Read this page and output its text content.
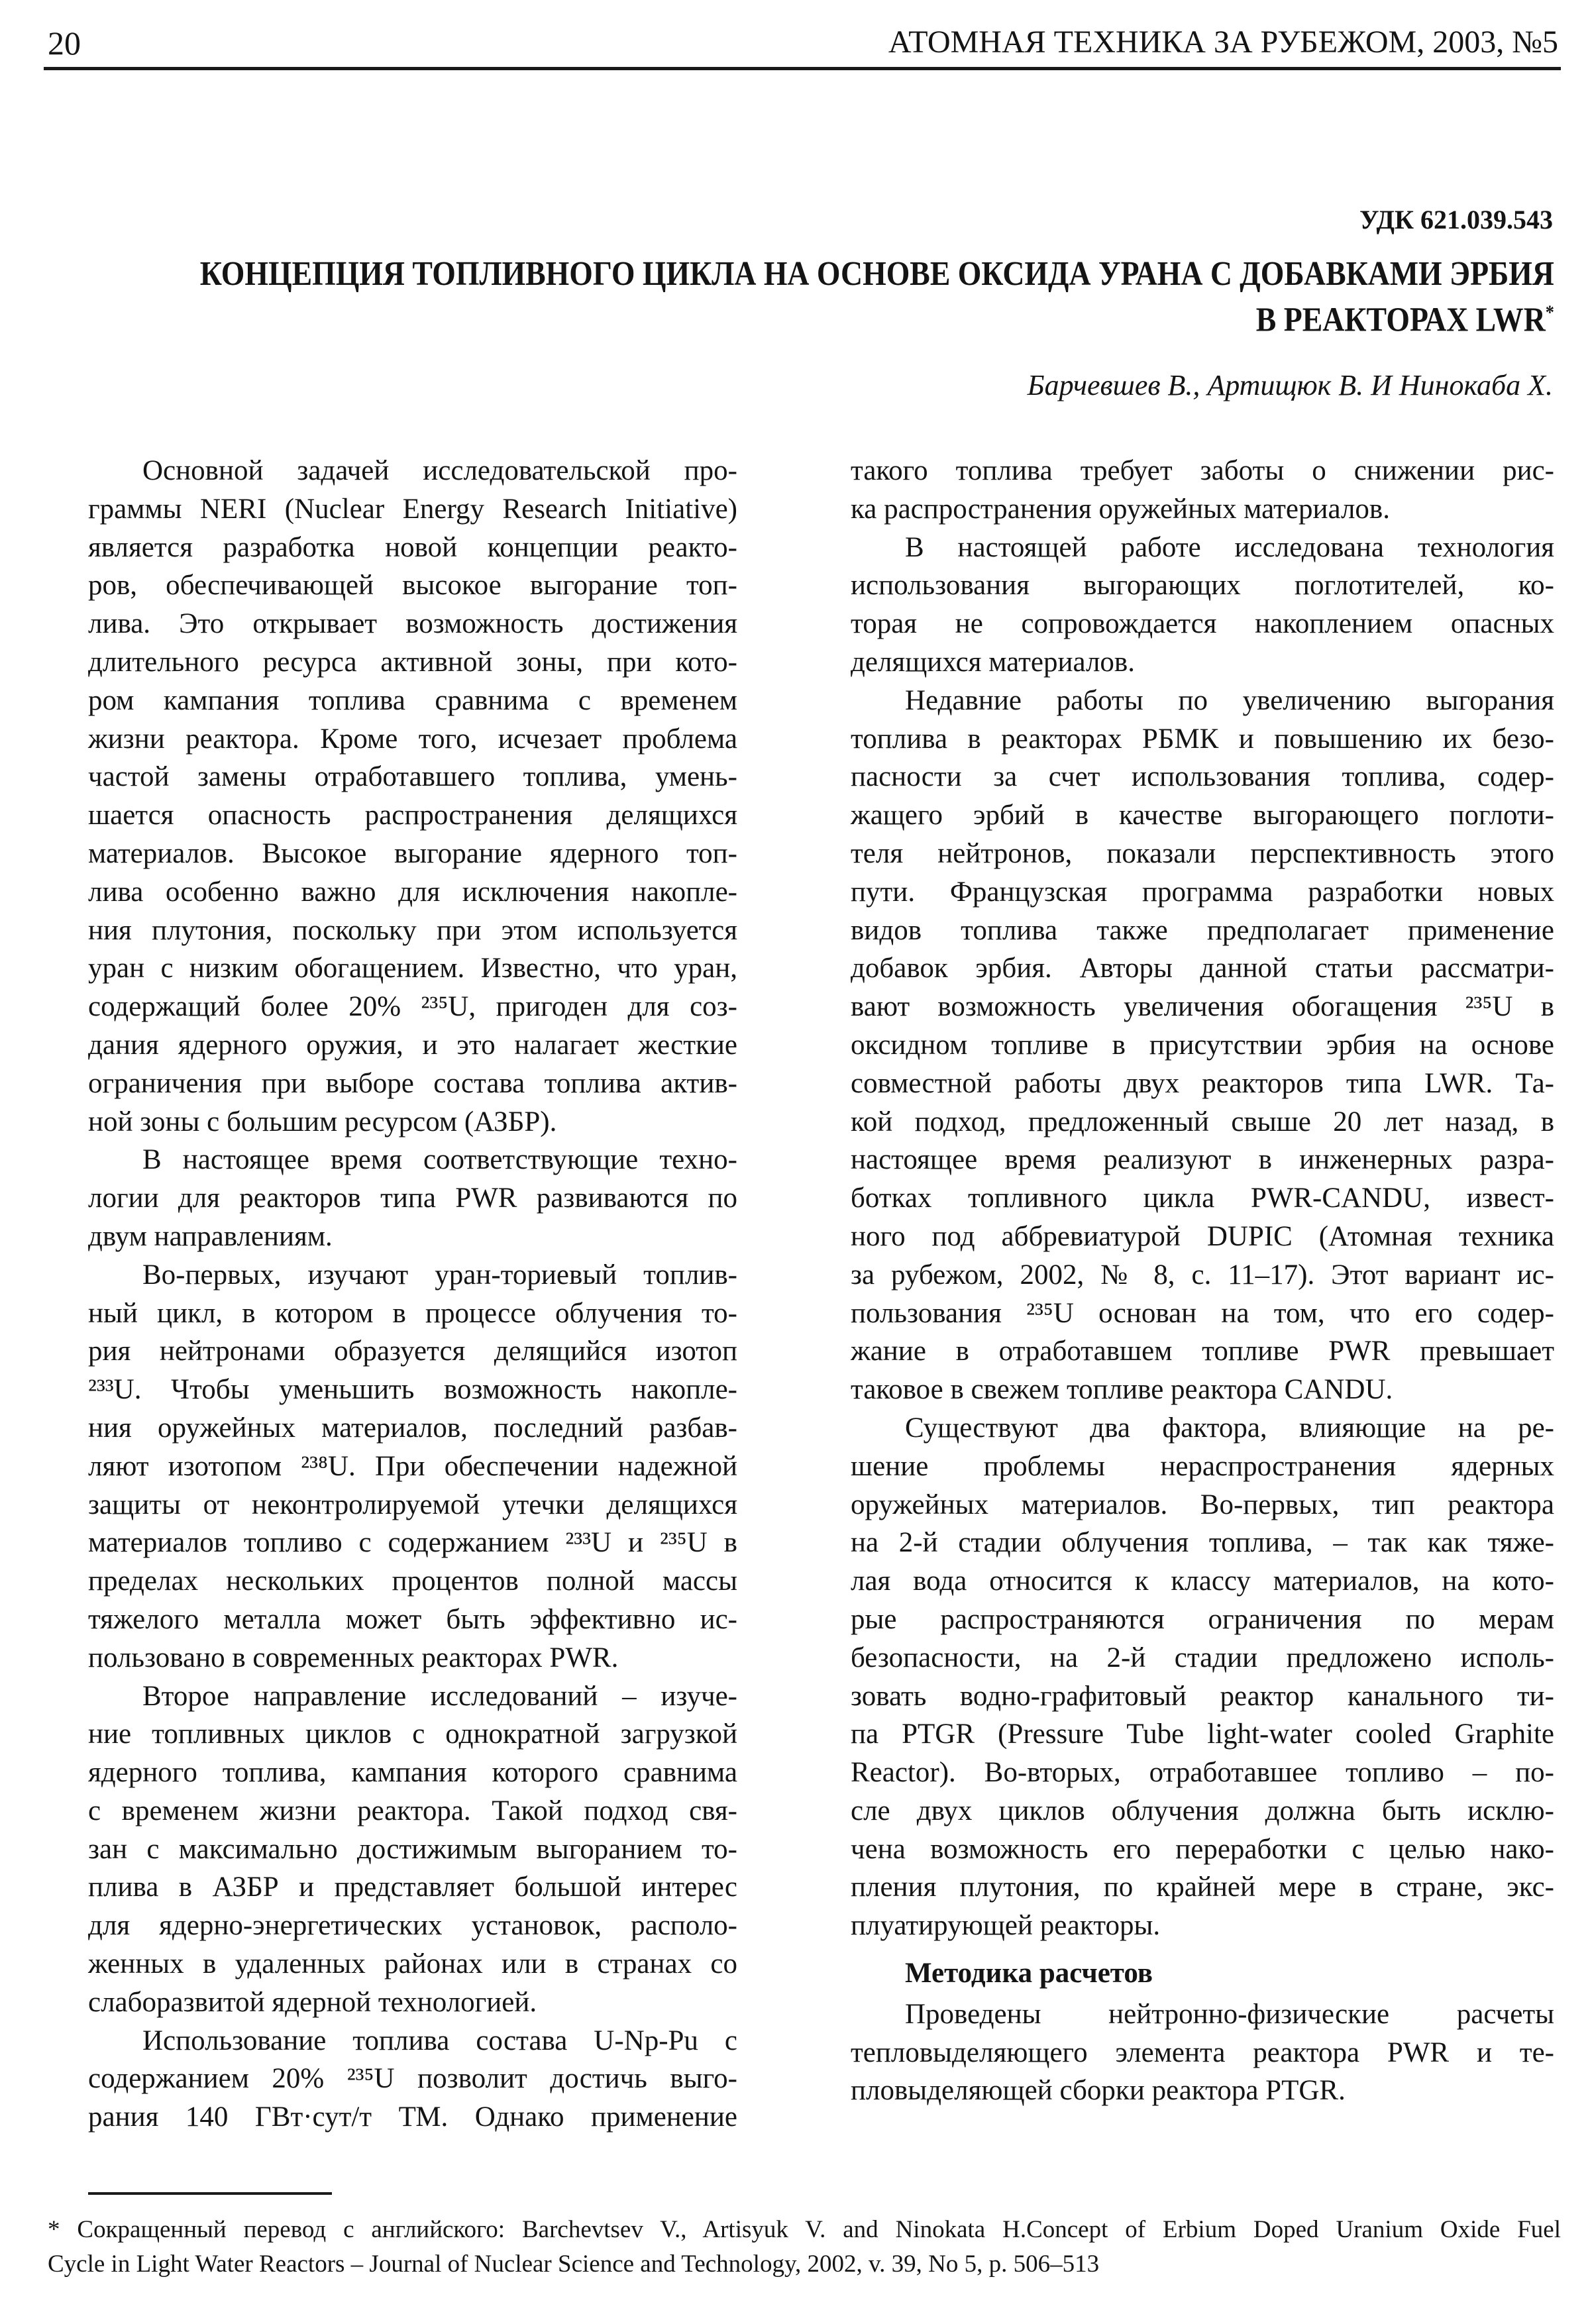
20	АТОМНАЯ ТЕХНИКА ЗА РУБЕЖОМ, 2003, №5
УДК 621.039.543
КОНЦЕПЦИЯ ТОПЛИВНОГО ЦИКЛА НА ОСНОВЕ ОКСИДА УРАНА С ДОБАВКАМИ ЭРБИЯ
В РЕАКТОРАХ LWR*
Барчевшев В., Артищюк В. И Нинокаба Х.
Основной задачей исследовательской про-
граммы NERI (Nuclear Energy Research Initiative)
является разработка новой концепции реакто-
ров, обеспечивающей высокое выгорание топ-
лива. Это открывает возможность достижения
длительного ресурса активной зоны, при кото-
ром кампания топлива сравнима с временем
жизни реактора. Кроме того, исчезает проблема
частой замены отработавшего топлива, умень-
шается опасность распространения делящихся
материалов. Высокое выгорание ядерного топ-
лива особенно важно для исключения накопле-
ния плутония, поскольку при этом используется
уран с низким обогащением. Известно, что уран,
содержащий более 20% ²³⁵U, пригоден для соз-
дания ядерного оружия, и это налагает жесткие
ограничения при выборе состава топлива актив-
ной зоны с большим ресурсом (АЗБР).
В настоящее время соответствующие техно-
логии для реакторов типа PWR развиваются по
двум направлениям.
Во-первых, изучают уран-ториевый топлив-
ный цикл, в котором в процессе облучения то-
рия нейтронами образуется делящийся изотоп
²³³U. Чтобы уменьшить возможность накопле-
ния оружейных материалов, последний разбав-
ляют изотопом ²³⁸U. При обеспечении надежной
защиты от неконтролируемой утечки делящихся
материалов топливо с содержанием ²³³U и ²³⁵U в
пределах нескольких процентов полной массы
тяжелого металла может быть эффективно ис-
пользовано в современных реакторах PWR.
Второе направление исследований – изуче-
ние топливных циклов с однократной загрузкой
ядерного топлива, кампания которого сравнима
с временем жизни реактора. Такой подход свя-
зан с максимально достижимым выгоранием то-
плива в АЗБР и представляет большой интерес
для ядерно-энергетических установок, располо-
женных в удаленных районах или в странах со
слаборазвитой ядерной технологией.
Использование топлива состава U-Np-Pu с
содержанием 20% ²³⁵U позволит достичь выго-
рания 140 ГВт·сут/т ТМ. Однако применение
такого топлива требует заботы о снижении рис-
ка распространения оружейных материалов.
В настоящей работе исследована технология
использования выгорающих поглотителей, ко-
торая не сопровождается накоплением опасных
делящихся материалов.
Недавние работы по увеличению выгорания
топлива в реакторах РБМК и повышению их безо-
пасности за счет использования топлива, содер-
жащего эрбий в качестве выгорающего поглоти-
теля нейтронов, показали перспективность этого
пути. Французская программа разработки новых
видов топлива также предполагает применение
добавок эрбия. Авторы данной статьи рассматри-
вают возможность увеличения обогащения ²³⁵U в
оксидном топливе в присутствии эрбия на основе
совместной работы двух реакторов типа LWR. Та-
кой подход, предложенный свыше 20 лет назад, в
настоящее время реализуют в инженерных разра-
ботках топливного цикла PWR-CANDU, извест-
ного под аббревиатурой DUPIC (Атомная техника
за рубежом, 2002, № 8, с. 11–17). Этот вариант ис-
пользования ²³⁵U основан на том, что его содер-
жание в отработавшем топливе PWR превышает
таковое в свежем топливе реактора CANDU.
Существуют два фактора, влияющие на ре-
шение проблемы нераспространения ядерных
оружейных материалов. Во-первых, тип реактора
на 2-й стадии облучения топлива, – так как тяже-
лая вода относится к классу материалов, на кото-
рые распространяются ограничения по мерам
безопасности, на 2-й стадии предложено исполь-
зовать водно-графитовый реактор канального ти-
па PTGR (Pressure Tube light-water cooled Graphite
Reactor). Во-вторых, отработавшее топливо – по-
сле двух циклов облучения должна быть исклю-
чена возможность его переработки с целью нако-
пления плутония, по крайней мере в стране, экс-
плуатирующей реакторы.
Методика расчетов
Проведены нейтронно-физические расчеты
тепловыделяющего элемента реактора PWR и те-
пловыделяющей сборки реактора PTGR.
* Сокращенный перевод с английского: Barchevtsev V., Artisyuk V. and Ninokata H.Concept of Erbium Doped Uranium Oxide Fuel
Cycle in Light Water Reactors – Journal of Nuclear Science and Technology, 2002, v. 39, No 5, p. 506–513
